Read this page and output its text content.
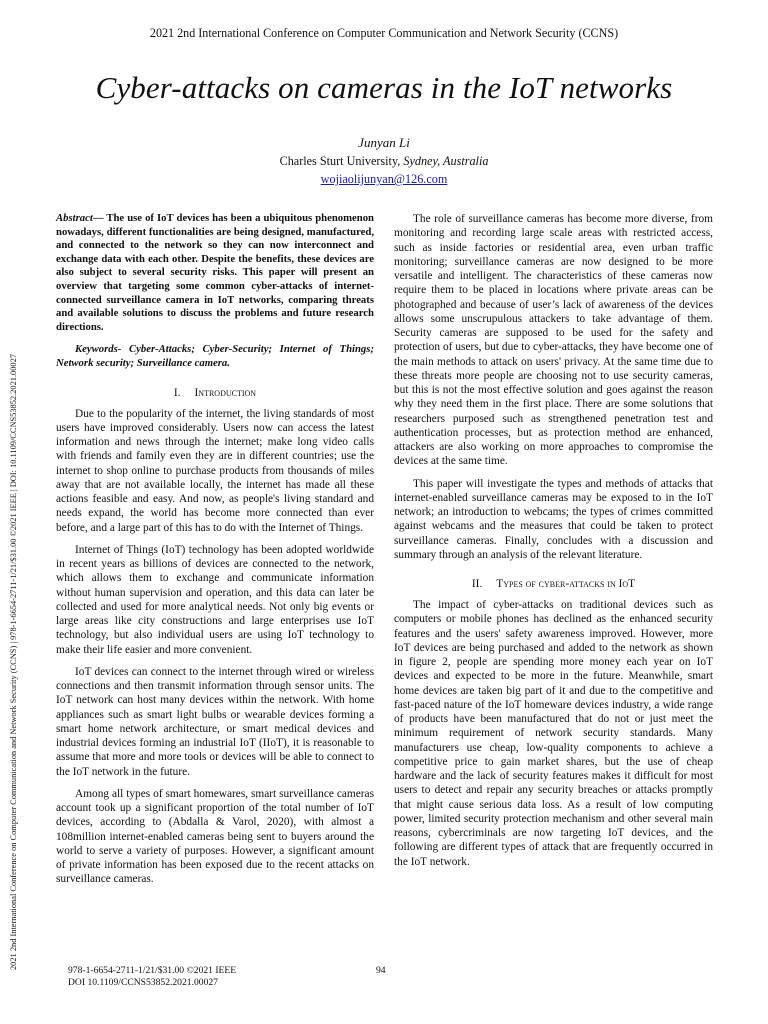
2021 2nd International Conference on Computer Communication and Network Security (CCNS)
2021 2nd International Conference on Computer Communication and Network Security (CCNS) | 978-1-6654-2711-1/21/$31.00 ©2021 IEEE | DOI: 10.1109/CCNS53852.2021.00027
Cyber-attacks on cameras in the IoT networks
Junyan Li
Charles Sturt University, Sydney, Australia
wojiaolijunyan@126.com

Abstract— The use of IoT devices has been a ubiquitous phenomenon nowadays, different functionalities are being designed, manufactured, and connected to the network so they can now interconnect and exchange data with each other. Despite the benefits, these devices are also subject to several security risks. This paper will present an overview that targeting some common cyber-attacks of internet-connected surveillance camera in IoT networks, comparing threats and available solutions to discuss the problems and future research directions.

Keywords- Cyber-Attacks; Cyber-Security; Internet of Things; Network security; Surveillance camera.

I. Introduction

Due to the popularity of the internet, the living standards of most users have improved considerably. Users now can access the latest information and news through the internet; make long video calls with friends and family even they are in different countries; use the internet to shop online to purchase products from thousands of miles away that are not available locally, the internet has made all these actions feasible and easy. And now, as people's living standard and needs expand, the world has become more connected than ever before, and a large part of this has to do with the Internet of Things.

Internet of Things (IoT) technology has been adopted worldwide in recent years as billions of devices are connected to the network, which allows them to exchange and communicate information without human supervision and operation, and this data can later be collected and used for more analytical needs. Not only big events or large areas like city constructions and large enterprises use IoT technology, but also individual users are using IoT technology to make their life easier and more convenient.

IoT devices can connect to the internet through wired or wireless connections and then transmit information through sensor units. The IoT network can host many devices within the network. With home appliances such as smart light bulbs or wearable devices forming a smart home network architecture, or smart medical devices and industrial devices forming an industrial IoT (IIoT), it is reasonable to assume that more and more tools or devices will be able to connect to the IoT network in the future.

Among all types of smart homewares, smart surveillance cameras account took up a significant proportion of the total number of IoT devices, according to (Abdalla & Varol, 2020), with almost a 108million internet-enabled cameras being sent to buyers around the world to serve a variety of purposes. However, a significant amount of private information has been exposed due to the recent attacks on surveillance cameras.

The role of surveillance cameras has become more diverse, from monitoring and recording large scale areas with restricted access, such as inside factories or residential area, even urban traffic monitoring; surveillance cameras are now designed to be more versatile and intelligent. The characteristics of these cameras now require them to be placed in locations where private areas can be photographed and because of user’s lack of awareness of the devices allows some unscrupulous attackers to take advantage of them. Security cameras are supposed to be used for the safety and protection of users, but due to cyber-attacks, they have become one of the main methods to attack on users' privacy. At the same time due to these threats more people are choosing not to use security cameras, but this is not the most effective solution and goes against the reason why they need them in the first place. There are some solutions that researchers purposed such as strengthened penetration test and authentication processes, but as protection method are enhanced, attackers are also working on more approaches to compromise the devices at the same time.

This paper will investigate the types and methods of attacks that internet-enabled surveillance cameras may be exposed to in the IoT network; an introduction to webcams; the types of crimes committed against webcams and the measures that could be taken to protect surveillance cameras. Finally, concludes with a discussion and summary through an analysis of the relevant literature.

II. Types of cyber-attacks in IoT

The impact of cyber-attacks on traditional devices such as computers or mobile phones has declined as the enhanced security features and the users' safety awareness improved. However, more IoT devices are being purchased and added to the network as shown in figure 2, people are spending more money each year on IoT devices and expected to be more in the future. Meanwhile, smart home devices are taken big part of it and due to the competitive and fast-paced nature of the IoT homeware devices industry, a wide range of products have been manufactured that do not or just meet the minimum requirement of network security standards. Many manufacturers use cheap, low-quality components to achieve a competitive price to gain market shares, but the use of cheap hardware and the lack of security features makes it difficult for most users to detect and repair any security breaches or attacks promptly that might cause serious data loss. As a result of low computing power, limited security protection mechanism and other several main reasons, cybercriminals are now targeting IoT devices, and the following are different types of attack that are frequently occurred in the IoT network.

978-1-6654-2711-1/21/$31.00 ©2021 IEEE
DOI 10.1109/CCNS53852.2021.00027
94
